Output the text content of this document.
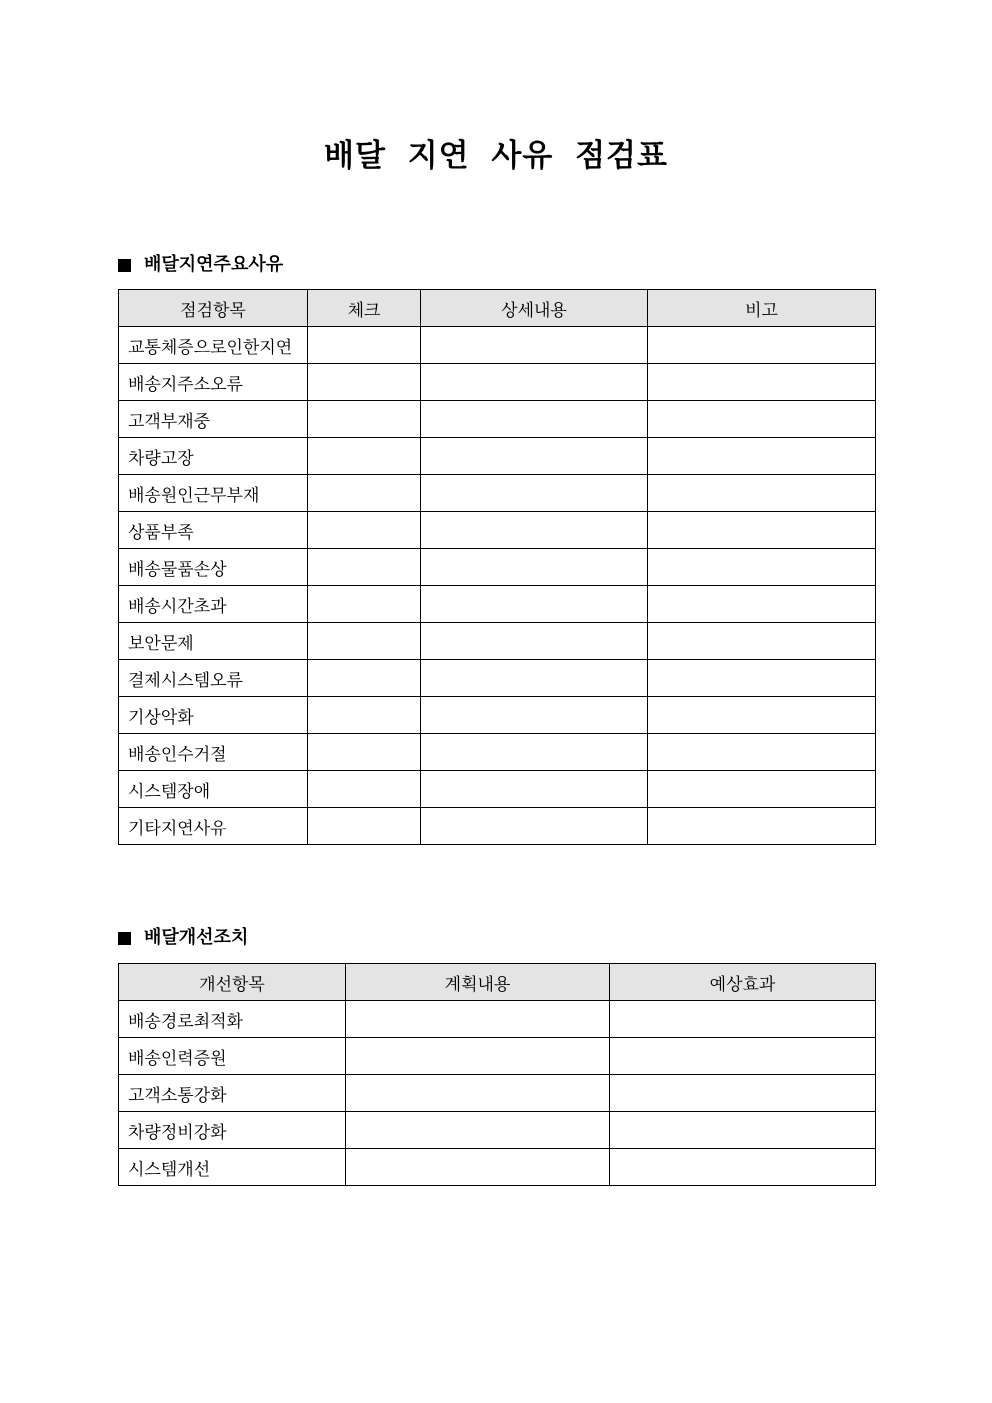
배달 지연 사유 점검표
배달지연주요사유
점검항목	체크	상세내용	비고
교통체증으로인한지연			
배송지주소오류			
고객부재중			
차량고장			
배송원인근무부재			
상품부족			
배송물품손상			
배송시간초과			
보안문제			
결제시스템오류			
기상악화			
배송인수거절			
시스템장애			
기타지연사유			
배달개선조치
개선항목	계획내용	예상효과
배송경로최적화		
배송인력증원		
고객소통강화		
차량정비강화		
시스템개선		
